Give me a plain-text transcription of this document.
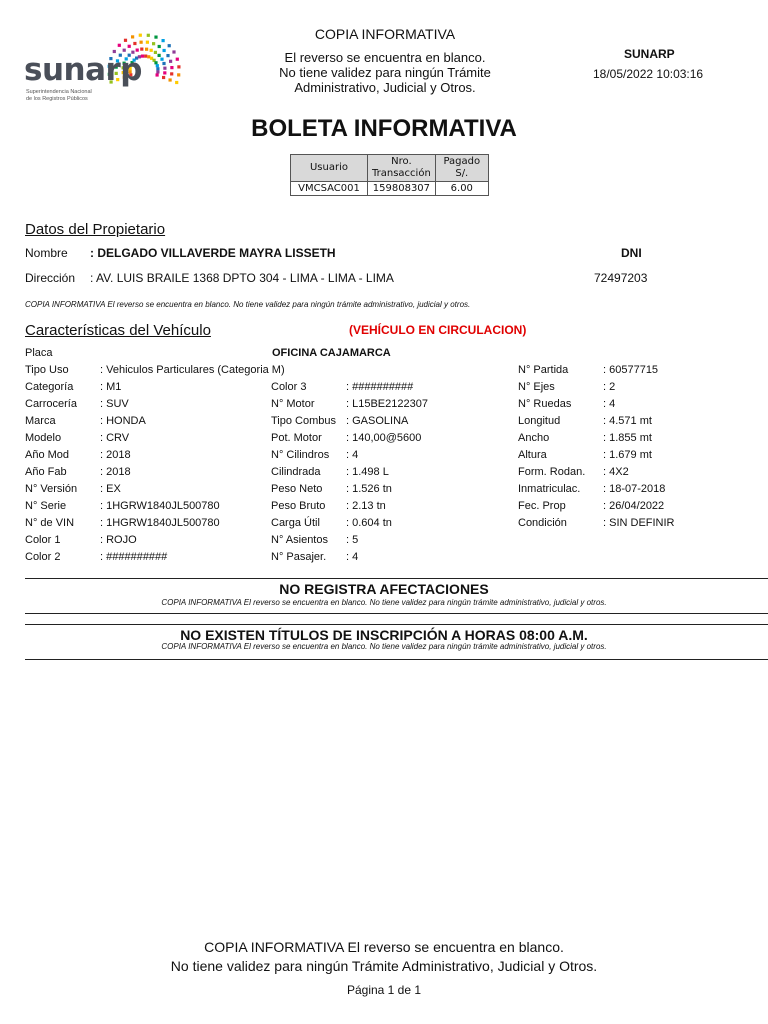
sunarp
Superintendencia Nacional
de los Registros Públicos
COPIA INFORMATIVA
El reverso se encuentra en blanco.
No tiene validez para ningún Trámite
Administrativo, Judicial y Otros.
SUNARP
18/05/2022 10:03:16
BOLETA INFORMATIVA
Usuario	Nro.
Transacción	Pagado
S/.
VMCSAC001	159808307	6.00
Datos del Propietario
Nombre : DELGADO VILLAVERDE MAYRA LISSETH	DNI
Dirección : AV. LUIS BRAILE 1368 DPTO 304 - LIMA - LIMA - LIMA	72497203
COPIA INFORMATIVA El reverso se encuentra en blanco. No tiene validez para ningún trámite administrativo, judicial y otros.
Características del Vehículo	(VEHÍCULO EN CIRCULACION)
Placa	OFICINA CAJAMARCA
Tipo Uso	: Vehiculos Particulares (Categoria M)
Categoría : M1
Carrocería : SUV
Marca	: HONDA
Modelo	: CRV
Año Mod	: 2018
Año Fab	: 2018
N° Versión : EX
N° Serie	: 1HGRW1840JL500780
N° de VIN : 1HGRW1840JL500780
Color 1	: ROJO
Color 2	: ##########
Color 3	: ##########
N° Motor	: L15BE2122307
Tipo Combus : GASOLINA
Pot. Motor : 140,00@5600
N° Cilindros : 4
Cilindrada : 1.498 L
Peso Neto : 1.526 tn
Peso Bruto : 2.13 tn
Carga Útil : 0.604 tn
N° Asientos : 5
N° Pasajer. : 4
N° Partida	: 60577715
N° Ejes	: 2
N° Ruedas	: 4
Longitud	: 4.571 mt
Ancho	: 1.855 mt
Altura	: 1.679 mt
Form. Rodan. : 4X2
Inmatriculac. : 18-07-2018
Fec. Prop	: 26/04/2022
Condición	: SIN DEFINIR
NO REGISTRA AFECTACIONES
COPIA INFORMATIVA El reverso se encuentra en blanco. No tiene validez para ningún trámite administrativo, judicial y otros.
NO EXISTEN TÍTULOS DE INSCRIPCIÓN A HORAS 08:00 A.M.
COPIA INFORMATIVA El reverso se encuentra en blanco. No tiene validez para ningún trámite administrativo, judicial y otros.
COPIA INFORMATIVA El reverso se encuentra en blanco.
No tiene validez para ningún Trámite Administrativo, Judicial y Otros.
Página 1 de 1
